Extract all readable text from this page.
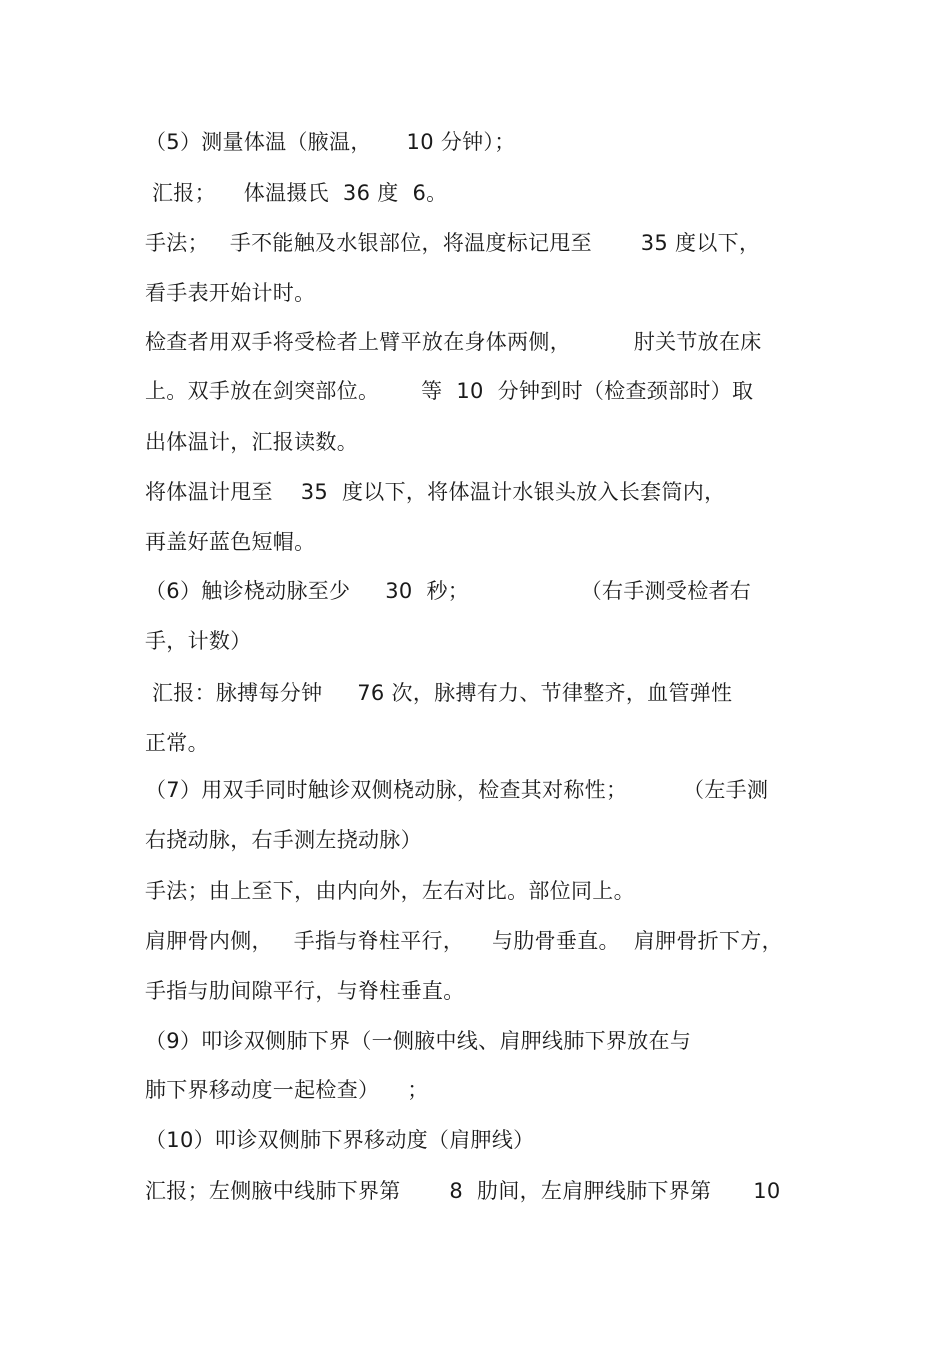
（5）测量体温（腋温，     10 分钟）；
汇报；    体温摄氏  36 度  6。
手法；   手不能触及水银部位，将温度标记甩至       35 度以下，
看手表开始计时。
检查者用双手将受检者上臂平放在身体两侧，         肘关节放在床
上。双手放在剑突部位。      等  10  分钟到时（检查颈部时）取
出体温计，汇报读数。
将体温计甩至    35  度以下，将体温计水银头放入长套筒内，
再盖好蓝色短帽。
（6）触诊桡动脉至少     30  秒；                （右手测受检者右
手，计数）
汇报：脉搏每分钟     76 次，脉搏有力、节律整齐，血管弹性
正常。
（7）用双手同时触诊双侧桡动脉，检查其对称性；        （左手测
右挠动脉，右手测左挠动脉）
手法；由上至下，由内向外，左右对比。部位同上。
肩胛骨内侧，   手指与脊柱平行，    与肋骨垂直。  肩胛骨折下方，
手指与肋间隙平行，与脊柱垂直。
（9）叩诊双侧肺下界（一侧腋中线、肩胛线肺下界放在与
肺下界移动度一起检查）    ；
（10）叩诊双侧肺下界移动度（肩胛线）
汇报；左侧腋中线肺下界第       8  肋间，左肩胛线肺下界第      10
